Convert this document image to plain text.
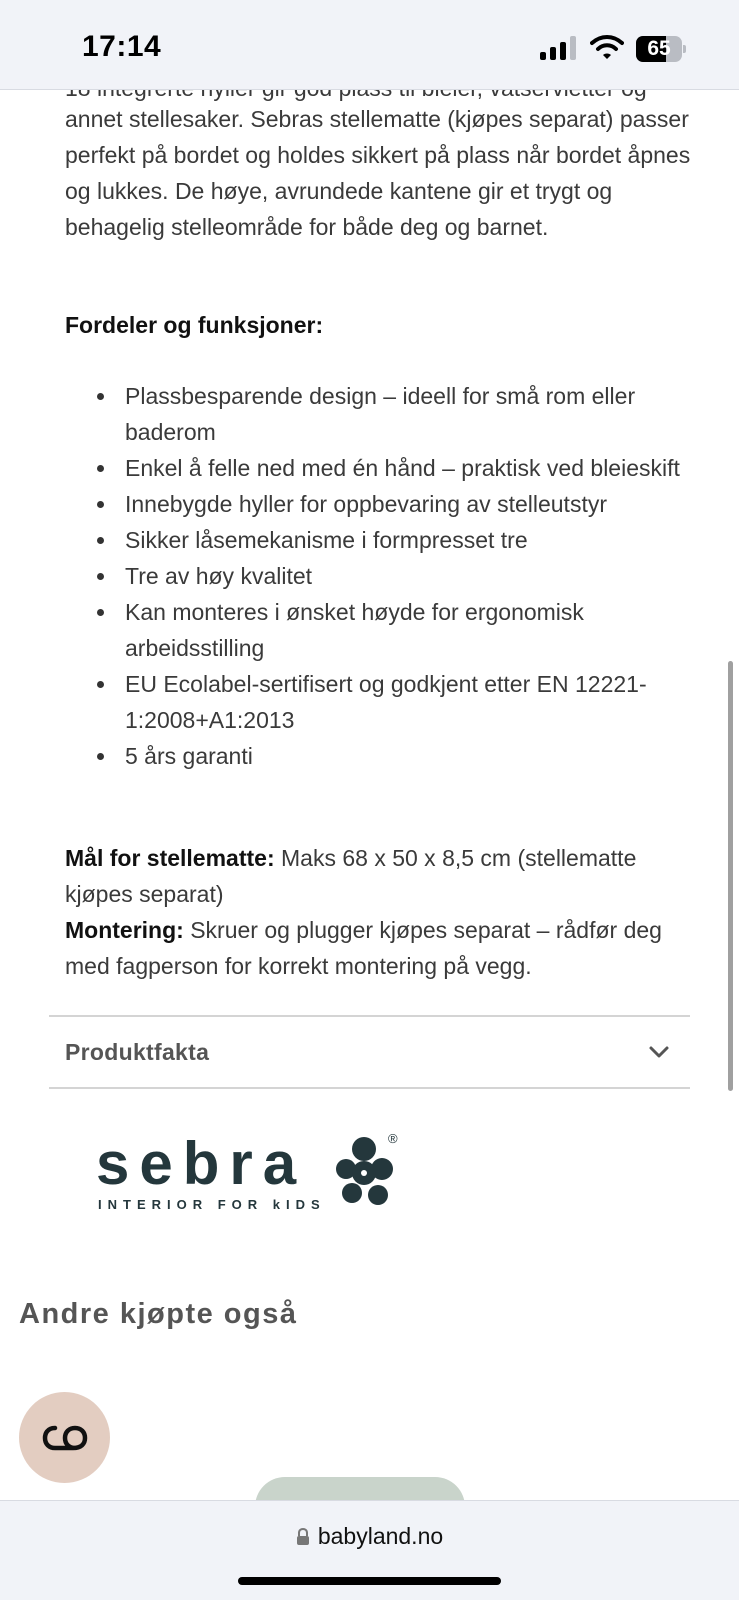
annet stellesaker. Sebras stellematte (kjøpes separat) passer perfekt på bordet og holdes sikkert på plass når bordet åpnes og lukkes. De høye, avrundede kantene gir et trygt og behagelig stelleområde for både deg og barnet.

Fordeler og funksjoner:
Plassbesparende design – ideell for små rom eller baderom
Enkel å felle ned med én hånd – praktisk ved bleieskift
Innebygde hyller for oppbevaring av stelleutstyr
Sikker låsemekanisme i formpresset tre
Tre av høy kvalitet
Kan monteres i ønsket høyde for ergonomisk arbeidsstilling
EU Ecolabel-sertifisert og godkjent etter EN 12221-1:2008+A1:2013
5 års garanti

Mål for stellematte: Maks 68 x 50 x 8,5 cm (stellematte kjøpes separat)
Montering: Skruer og plugger kjøpes separat – rådfør deg med fagperson for korrekt montering på vegg.

Produktfakta
sebra
INTERIOR FOR kIDS
®
Andre kjøpte også
17:14	65
babyland.no
